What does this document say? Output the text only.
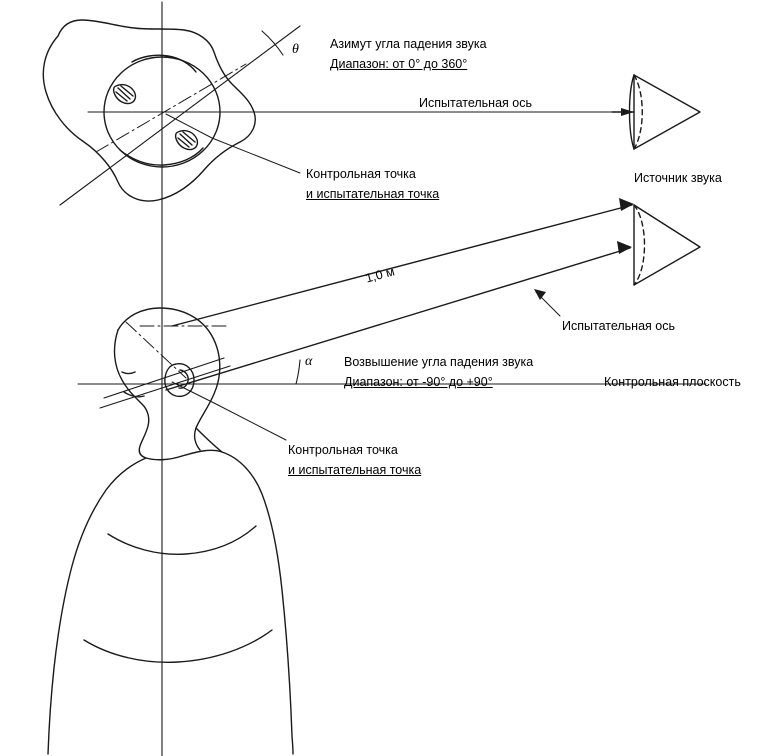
θ Азимут угла падения звука
Диапазон: от 0° до 360°
Испытательная ось
Источник звука
Контрольная точка
и испытательная точка
1,0 м
Испытательная ось
α	Возвышение угла падения звука
Диапазон: от -90° до +90°	Контрольная плоскость
Контрольная точка
и испытательная точка
